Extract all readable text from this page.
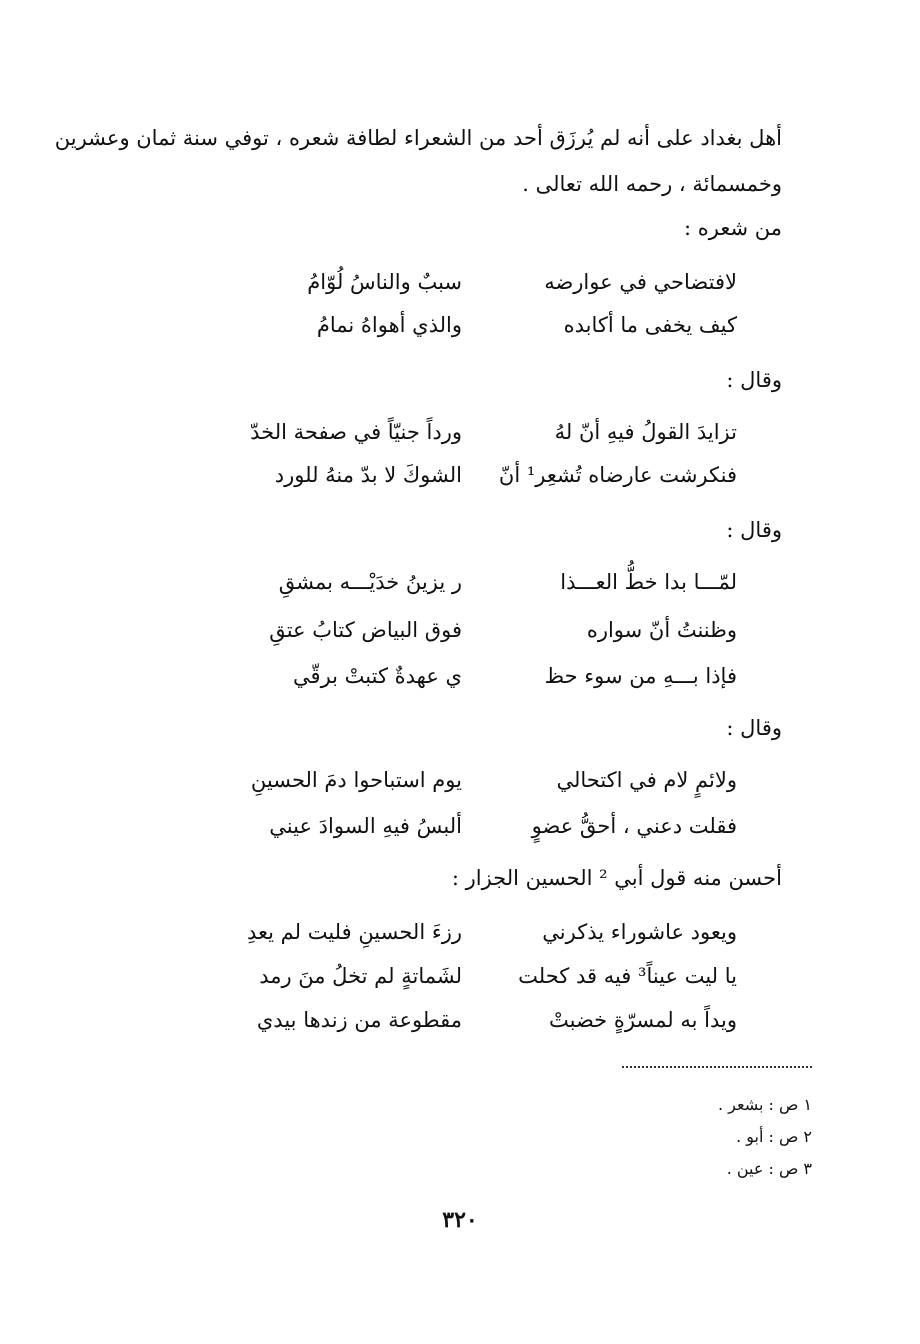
أهل بغداد على أنه لم يُرزَق أحد من الشعراء لطافة شعره ، توفي سنة ثمان وعشرين
وخمسمائة ، رحمه الله تعالى .
من شعره :
لافتضاحي في عوارضه
سببٌ والناسُ لُوّامُ
كيف يخفى ما أكابده
والذي أهواهُ نمامُ
وقال :
تزايدَ القولُ فيهِ أنّ لهُ
ورداً جنيّاً في صفحة الخدّ
فنكرشت عارضاه تُشعِر¹ أنّ
الشوكَ لا بدّ منهُ للورد
وقال :
لمّـــا بدا خطُّ العـــذا
ر يزينُ خدَيْـــه بمشقِ
وظننتُ أنّ سواره
فوق البياض كتابُ عتقِ
فإذا بـــهِ من سوء حظ
ي عهدةٌ كتبتْ برقّي
وقال :
ولائمٍ لام في اكتحالي
يوم استباحوا دمَ الحسينِ
فقلت دعني ، أحقُّ عضوٍ
ألبسُ فيهِ السوادَ عيني
أحسن منه قول أبي ² الحسين الجزار :
ويعود عاشوراء يذكرني
رزءَ الحسينِ فليت لم يعدِ
يا ليت عيناً³ فيه قد كحلت
لشَماتةٍ لم تخلُ منَ رمد
ويداً به لمسرّةٍ خضبتْ
مقطوعة من زندها بيدي
١ ص : بشعر .
٢ ص : أبو .
٣ ص : عين .
٣٢٠
